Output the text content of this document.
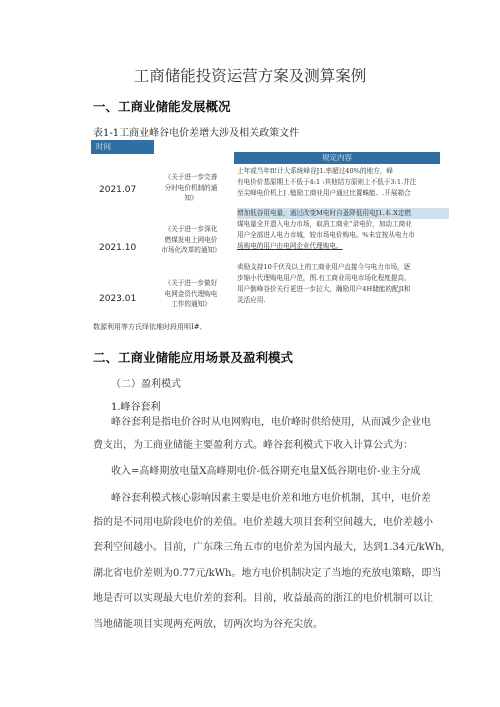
工商储能投资运营方案及测算案例
一、工商业储能发展概况
表1-1工商业峰谷电价差增大涉及相关政策文件
时间
规定内容
2021.07
《关于进一步完善
分时电价机制的通
知》
上年或当年fl!计大系统峰谷J1.率超过40%的地方，峰
有电价价基原期上不低于4:1 :其他结方原则上不低于3:1.并注
至尖峰电价机上] .勉励工商业用户通过比置蛛能、.开展箱合
2021.10
《关于进一步深化
燃煤发电上网电价
市场化改革的通知》
增加低谷用电量，通过改变M电时自蚤降低用电J1.本.X定燃
煤电量全并遗入电力市场，取消工商业”录电价，加动工商业
用户全部进人电力市城，较市场电价购电。%未宜按从电力市
场购电的用户由电网企业代理购电。
2023.01
《关于进一步做好
电网金资代理购电
工作的通知》
卖励支持10千伏及以上的工商业用户直接今与电力市场，逐
步缩小代理购电用户范，围.有工商业用电市场化程度提高，
用户倒峰谷价关行更进一步拉大，瀚励用户4H储能的配JI和
灵活应用.
数源利用等方氏绎依堆时段用明I#、
二、工商业储能应用场景及盈利模式
（二）盈利模式
1.峰谷套利
峰谷套利是指电价谷时从电网购电，电价峰时供给使用，从而减少企业电
费支出，为工商业储能主要盈利方式。峰谷套利模式下收入计算公式为：
收入=高峰期放电量X高峰期电价-低谷期充电量X低谷期电价-业主分成
峰谷套利模式核心影响因素主要是电价差和地方电价机制，其中，电价差
指的是不同用电阶段电价的差值。电价差越大项目套利空间越大，电价差越小
套利空间越小。目前，广东珠三角五市的电价差为国内最大，达到1.34元/kWh,
湖北省电价差则为0.77元/kWh。地方电价机制决定了当地的充放电策略，即当
地是否可以实现最大电价差的套利。目前，收益最高的浙江的电价机制可以让
当地储能项目实现两充两放，切两次均为谷充尖放。
